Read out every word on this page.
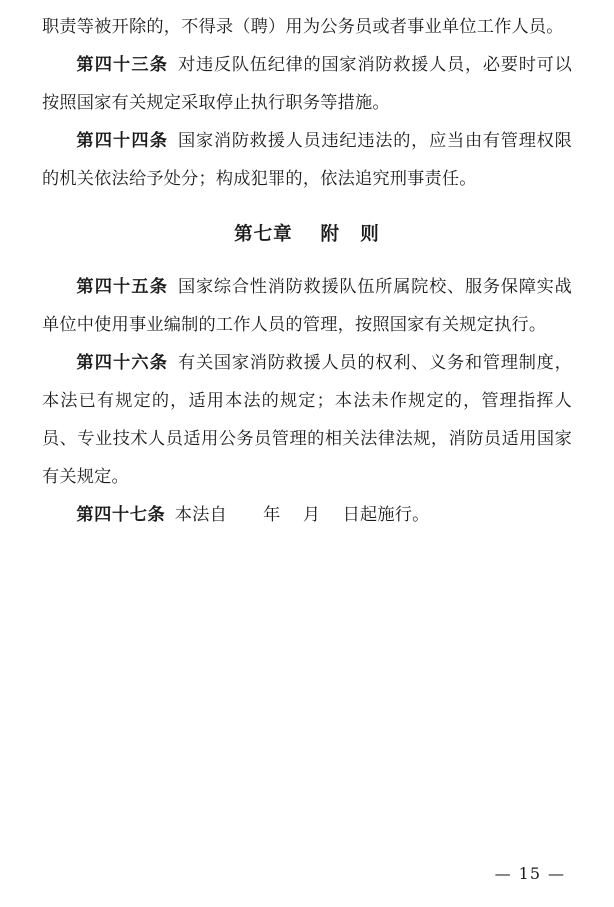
职责等被开除的，不得录（聘）用为公务员或者事业单位工作人员。

第四十三条 对违反队伍纪律的国家消防救援人员，必要时可以按照国家有关规定采取停止执行职务等措施。

第四十四条 国家消防救援人员违纪违法的，应当由有管理权限的机关依法给予处分；构成犯罪的，依法追究刑事责任。

第七章 附 则

第四十五条 国家综合性消防救援队伍所属院校、服务保障实战单位中使用事业编制的工作人员的管理，按照国家有关规定执行。

第四十六条 有关国家消防救援人员的权利、义务和管理制度，本法已有规定的，适用本法的规定；本法未作规定的，管理指挥人员、专业技术人员适用公务员管理的相关法律法规，消防员适用国家有关规定。

第四十七条 本法自 年 月 日起施行。

— 15 —
